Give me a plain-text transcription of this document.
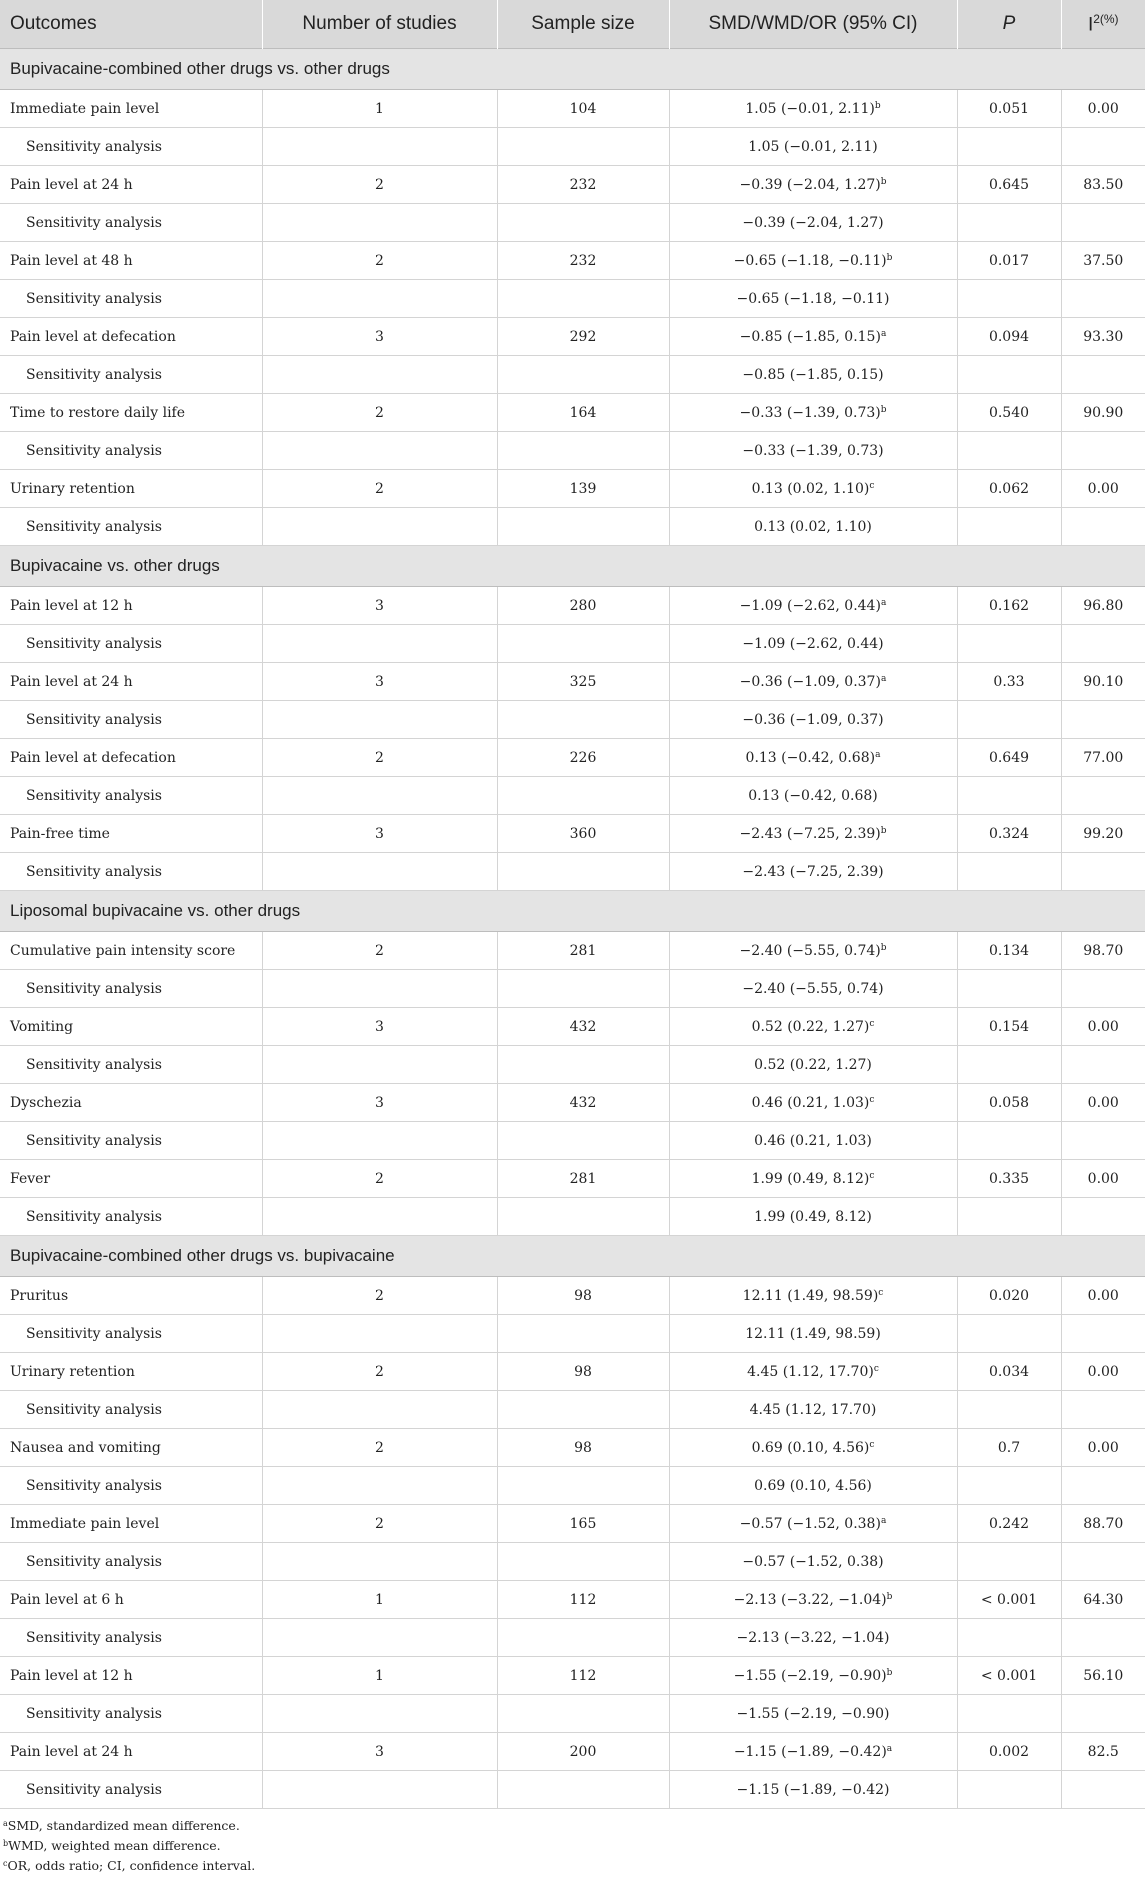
Outcomes	Number of studies	Sample size	SMD/WMD/OR (95% CI)	P	$I^{2(\%)}$
Bupivacaine-combined other drugs vs. other drugs					
Immediate pain level	1	104	1.05 (−0.01, 2.11)$^b$	0.051	0.00
Sensitivity analysis			1.05 (−0.01, 2.11)		
Pain level at 24 h	2	232	−0.39 (−2.04, 1.27)$^b$	0.645	83.50
Sensitivity analysis			−0.39 (−2.04, 1.27)		
Pain level at 48 h	2	232	−0.65 (−1.18, −0.11)$^b$	0.017	37.50
Sensitivity analysis			−0.65 (−1.18, −0.11)		
Pain level at defecation	3	292	−0.85 (−1.85, 0.15)$^a$	0.094	93.30
Sensitivity analysis			−0.85 (−1.85, 0.15)		
Time to restore daily life	2	164	−0.33 (−1.39, 0.73)$^b$	0.540	90.90
Sensitivity analysis			−0.33 (−1.39, 0.73)		
Urinary retention	2	139	0.13 (0.02, 1.10)$^c$	0.062	0.00
Sensitivity analysis			0.13 (0.02, 1.10)		
Bupivacaine vs. other drugs					
Pain level at 12 h	3	280	−1.09 (−2.62, 0.44)$^a$	0.162	96.80
Sensitivity analysis			−1.09 (−2.62, 0.44)		
Pain level at 24 h	3	325	−0.36 (−1.09, 0.37)$^a$	0.33	90.10
Sensitivity analysis			−0.36 (−1.09, 0.37)		
Pain level at defecation	2	226	0.13 (−0.42, 0.68)$^a$	0.649	77.00
Sensitivity analysis			0.13 (−0.42, 0.68)		
Pain-free time	3	360	−2.43 (−7.25, 2.39)$^b$	0.324	99.20
Sensitivity analysis			−2.43 (−7.25, 2.39)		
Liposomal bupivacaine vs. other drugs					
Cumulative pain intensity score	2	281	−2.40 (−5.55, 0.74)$^b$	0.134	98.70
Sensitivity analysis			−2.40 (−5.55, 0.74)		
Vomiting	3	432	0.52 (0.22, 1.27)$^c$	0.154	0.00
Sensitivity analysis			0.52 (0.22, 1.27)		
Dyschezia	3	432	0.46 (0.21, 1.03)$^c$	0.058	0.00
Sensitivity analysis			0.46 (0.21, 1.03)		
Fever	2	281	1.99 (0.49, 8.12)$^c$	0.335	0.00
Sensitivity analysis			1.99 (0.49, 8.12)		
Bupivacaine-combined other drugs vs. bupivacaine					
Pruritus	2	98	12.11 (1.49, 98.59)$^c$	0.020	0.00
Sensitivity analysis			12.11 (1.49, 98.59)		
Urinary retention	2	98	4.45 (1.12, 17.70)$^c$	0.034	0.00
Sensitivity analysis			4.45 (1.12, 17.70)		
Nausea and vomiting	2	98	0.69 (0.10, 4.56)$^c$	0.7	0.00
Sensitivity analysis			0.69 (0.10, 4.56)		
Immediate pain level	2	165	−0.57 (−1.52, 0.38)$^a$	0.242	88.70
Sensitivity analysis			−0.57 (−1.52, 0.38)		
Pain level at 6 h	1	112	−2.13 (−3.22, −1.04)$^b$	< 0.001	64.30
Sensitivity analysis			−2.13 (−3.22, −1.04)		
Pain level at 12 h	1	112	−1.55 (−2.19, −0.90)$^b$	< 0.001	56.10
Sensitivity analysis			−1.55 (−2.19, −0.90)		
Pain level at 24 h	3	200	−1.15 (−1.89, −0.42)$^a$	0.002	82.5
Sensitivity analysis			−1.15 (−1.89, −0.42)		
$^a$SMD, standardized mean difference.
$^b$WMD, weighted mean difference.
$^c$OR, odds ratio; CI, confidence interval.
